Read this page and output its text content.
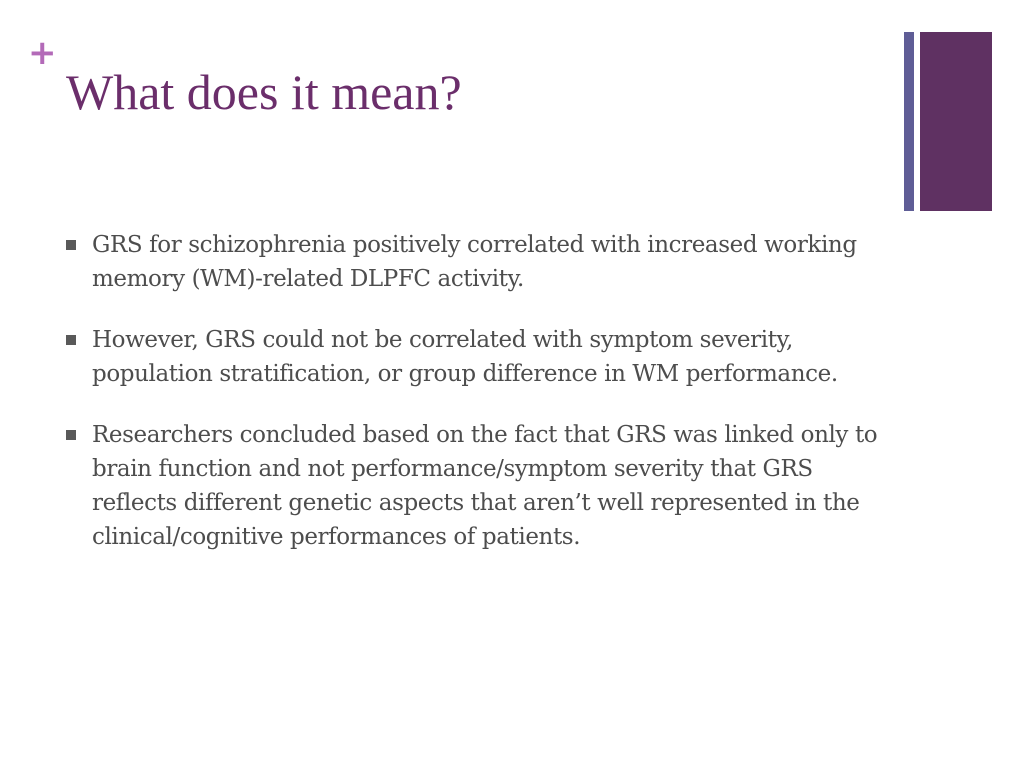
+
What does it mean?
GRS for schizophrenia positively correlated with increased working memory (WM)-related DLPFC activity.
However, GRS could not be correlated with symptom severity, population stratification, or group difference in WM performance.
Researchers concluded based on the fact that GRS was linked only to brain function and not performance/symptom severity that GRS reflects different genetic aspects that aren’t well represented in the clinical/cognitive performances of patients.
